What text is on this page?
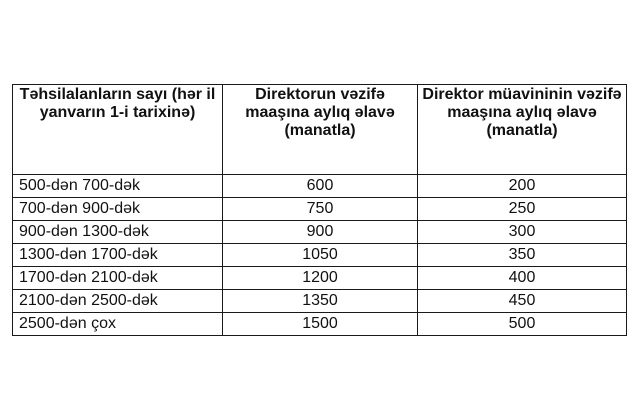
Təhsilalanların sayı (hər il yanvarın 1-i tarixinə)	Direktorun vəzifə maaşına aylıq əlavə (manatla)	Direktor müavininin vəzifə maaşına aylıq əlavə (manatla)
500-dən 700-dək	600	200
700-dən 900-dək	750	250
900-dən 1300-dək	900	300
1300-dən 1700-dək	1050	350
1700-dən 2100-dək	1200	400
2100-dən 2500-dək	1350	450
2500-dən çox	1500	500
